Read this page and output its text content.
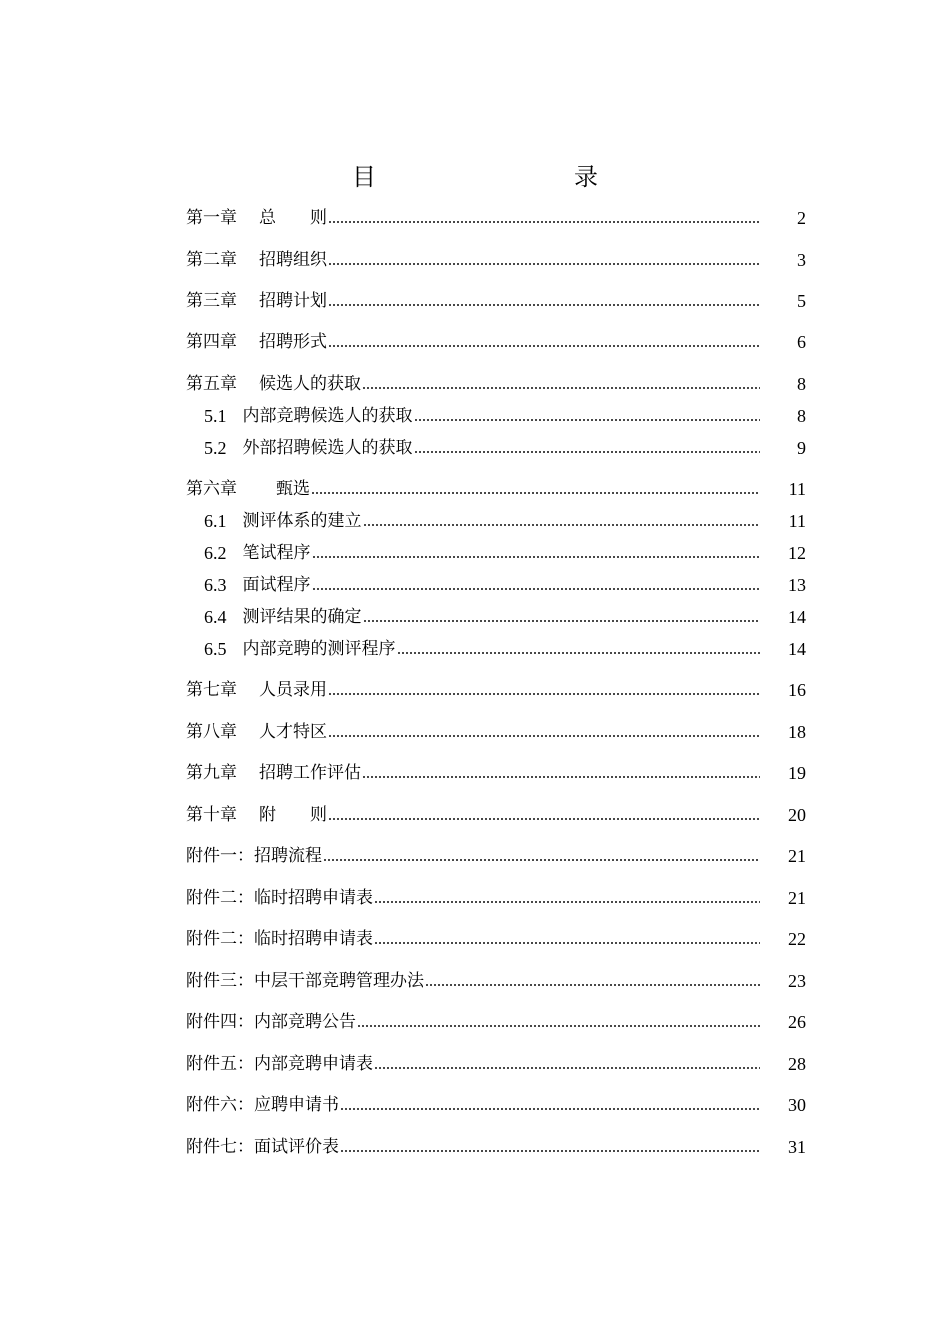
目　　录
第一章 总　　则	2
第二章 招聘组织	3
第三章 招聘计划	5
第四章 招聘形式	6
第五章 候选人的获取	8
5.1 内部竞聘候选人的获取	8
5.2 外部招聘候选人的获取	9
第六章 　甄选	11
6.1 测评体系的建立	11
6.2 笔试程序	12
6.3 面试程序	13
6.4 测评结果的确定	14
6.5 内部竞聘的测评程序	14
第七章 人员录用	16
第八章 人才特区	18
第九章 招聘工作评估	19
第十章 附　　则	20
附件一： 招聘流程	21
附件二： 临时招聘申请表	21
附件二： 临时招聘申请表	22
附件三： 中层干部竞聘管理办法	23
附件四： 内部竞聘公告	26
附件五： 内部竞聘申请表	28
附件六： 应聘申请书	30
附件七： 面试评价表	31
